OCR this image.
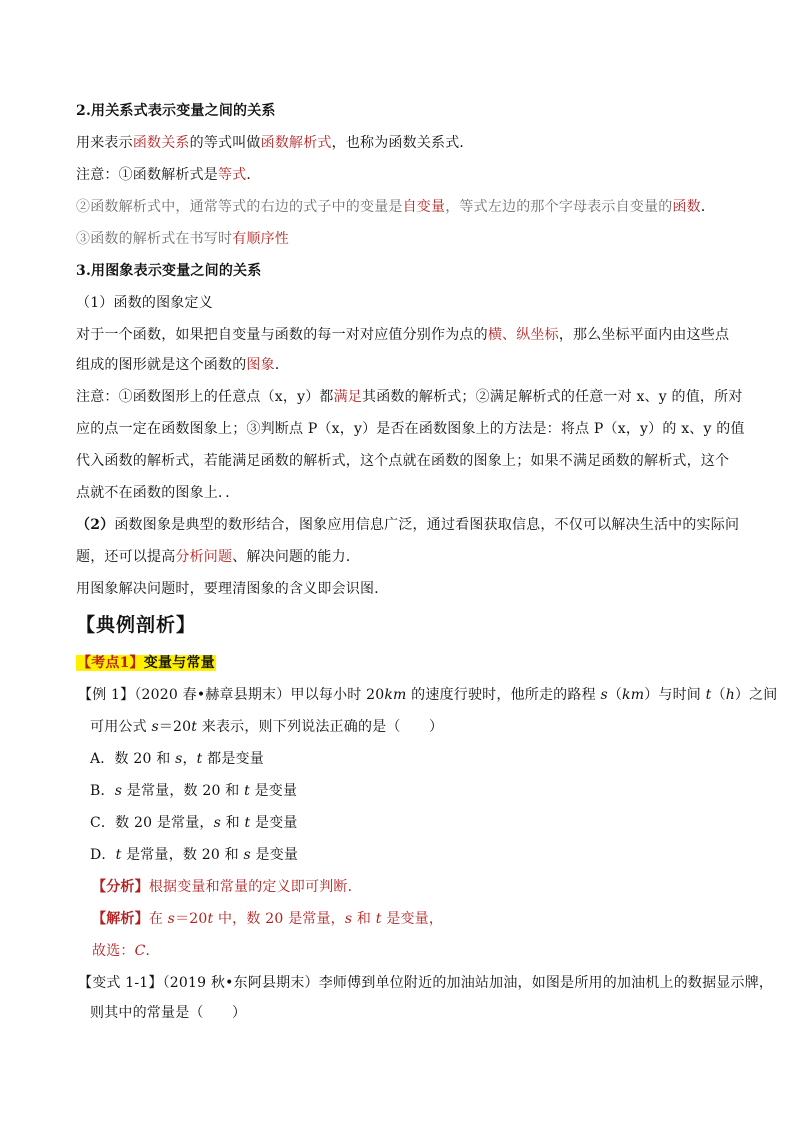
2.用关系式表示变量之间的关系
用来表示函数关系的等式叫做函数解析式，也称为函数关系式．
注意：①函数解析式是等式．
②函数解析式中，通常等式的右边的式子中的变量是自变量，等式左边的那个字母表示自变量的函数．
③函数的解析式在书写时有顺序性
3.用图象表示变量之间的关系
（1）函数的图象定义
对于一个函数，如果把自变量与函数的每一对对应值分别作为点的横、纵坐标，那么坐标平面内由这些点
组成的图形就是这个函数的图象．
注意：①函数图形上的任意点（x，y）都满足其函数的解析式；②满足解析式的任意一对 x、y 的值，所对
应的点一定在函数图象上；③判断点 P（x，y）是否在函数图象上的方法是：将点 P（x，y）的 x、y 的值
代入函数的解析式，若能满足函数的解析式，这个点就在函数的图象上；如果不满足函数的解析式，这个
点就不在函数的图象上．．
（2）函数图象是典型的数形结合，图象应用信息广泛，通过看图获取信息，不仅可以解决生活中的实际问
题，还可以提高分析问题、解决问题的能力．
用图象解决问题时，要理清图象的含义即会识图．
【典例剖析】
【考点1】变量与常量
【例 1】（2020 春•赫章县期末）甲以每小时 20km 的速度行驶时，他所走的路程 s（km）与时间 t（h）之间
可用公式 s＝20t 来表示，则下列说法正确的是（　　）
A．数 20 和 s，t 都是变量
B．s 是常量，数 20 和 t 是变量
C．数 20 是常量，s 和 t 是变量
D．t 是常量，数 20 和 s 是变量
【分析】根据变量和常量的定义即可判断．
【解析】在 s＝20t 中，数 20 是常量，s 和 t 是变量，
故选：C．
【变式 1-1】（2019 秋•东阿县期末）李师傅到单位附近的加油站加油，如图是所用的加油机上的数据显示牌，
则其中的常量是（　　）
